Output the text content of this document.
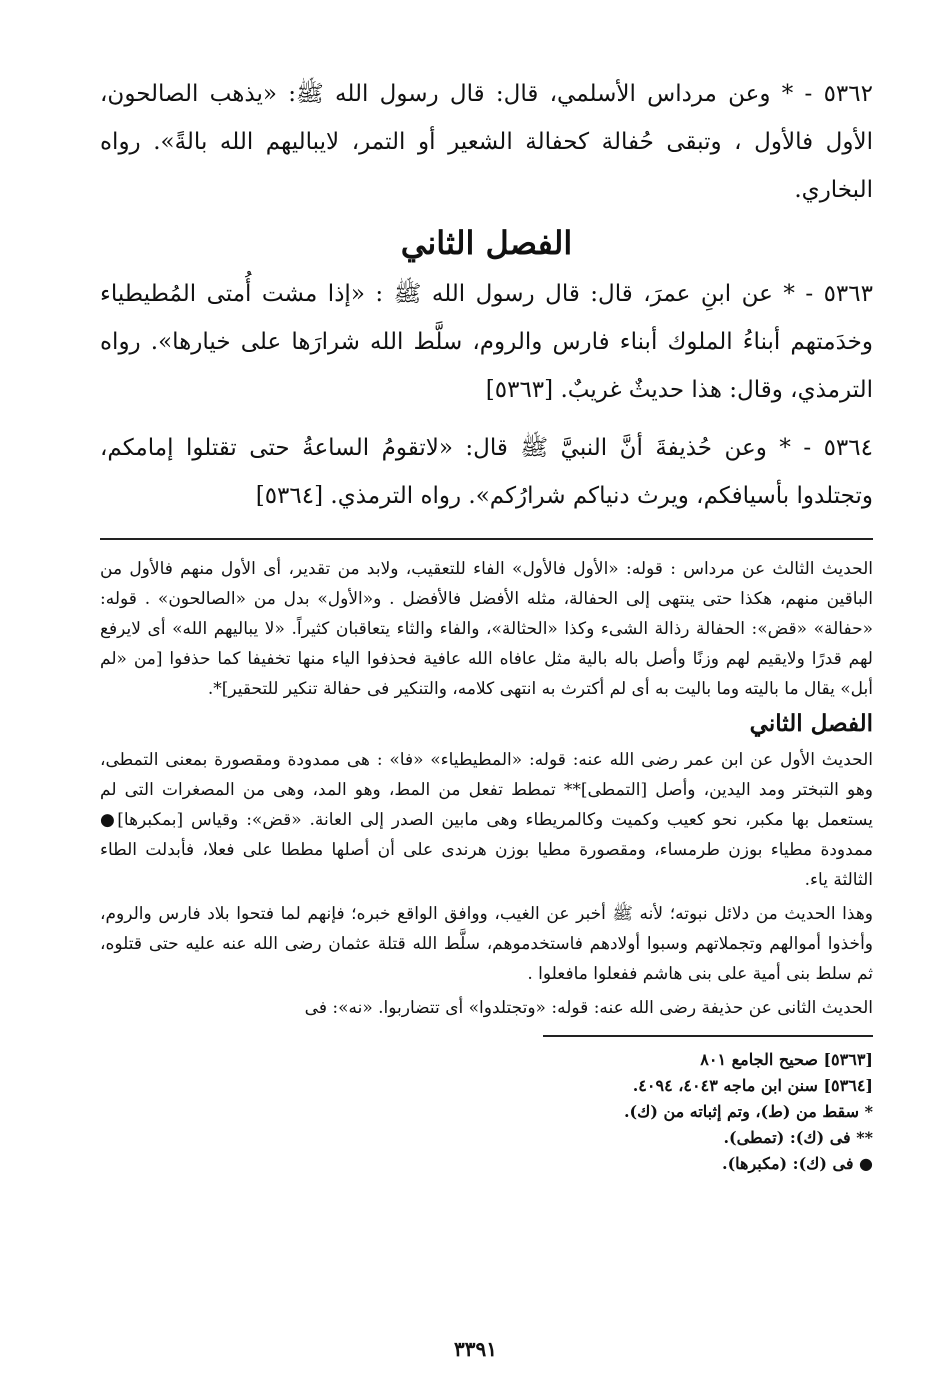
٥٣٦٢ - * وعن مرداس الأسلمي، قال: قال رسول الله ﷺ: «يذهب الصالحون، الأول فالأول ، وتبقى حُفالة كحفالة الشعير أو التمر، لايباليهم الله بالةً». رواه البخاري.

الفصل الثاني

٥٣٦٣ - * عن ابنِ عمرَ، قال: قال رسول الله ﷺ : «إذا مشت أُمتى المُطيطياء وخدَمتهم أبناءُ الملوك أبناء فارس والروم، سلَّط الله شرارَها على خيارها». رواه الترمذي، وقال: هذا حديثٌ غريبٌ. [٥٣٦٣]

٥٣٦٤ - * وعن حُذيفةَ أنَّ النبيَّ ﷺ قال: «لاتقومُ الساعةُ حتى تقتلوا إمامكم، وتجتلدوا بأسيافكم، ويرث دنياكم شرارُكم». رواه الترمذي. [٥٣٦٤]

الحديث الثالث عن مرداس : قوله: «الأول فالأول» الفاء للتعقيب، ولابد من تقدير، أى الأول منهم فالأول من الباقين منهم، هكذا حتى ينتهى إلى الحفالة، مثله الأفضل فالأفضل . و«الأول» بدل من «الصالحون» . قوله: «حفالة» «قض»: الحفالة رذالة الشىء وكذا «الحثالة»، والفاء والثاء يتعاقبان كثيراً. «لا يباليهم الله» أى لايرفع لهم قدرًا ولايقيم لهم وزنًا وأصل باله بالية مثل عافاه الله عافية فحذفوا الياء منها تخفيفا كما حذفوا [من «لم أبل» يقال ما باليته وما باليت به أى لم أكترث به انتهى كلامه، والتنكير فى حفالة تنكير للتحقير]*.

الفصل الثاني

الحديث الأول عن ابن عمر رضى الله عنه: قوله: «المطيطياء» «فا» : هى ممدودة ومقصورة بمعنى التمطى، وهو التبختر ومد اليدين، وأصل [التمطى]** تمطط تفعل من المط، وهو المد، وهى من المصغرات التى لم يستعمل بها مكبر، نحو كعيب وكميت وكالمريطاء وهى مابين الصدر إلى العانة. «قض»: وقياس [بمكبرها]● ممدودة مطياء بوزن طرمساء، ومقصورة مطيا بوزن هرندى على أن أصلها مططا على فعلا، فأبدلت الطاء الثالثة ياء.

وهذا الحديث من دلائل نبوته؛ لأنه ﷺ أخبر عن الغيب، ووافق الواقع خبره؛ فإنهم لما فتحوا بلاد فارس والروم، وأخذوا أموالهم وتجملاتهم وسبوا أولادهم فاستخدموهم، سلَّط الله قتلة عثمان رضى الله عنه عليه حتى قتلوه، ثم سلط بنى أمية على بنى هاشم ففعلوا مافعلوا .

الحديث الثانى عن حذيفة رضى الله عنه: قوله: «وتجتلدوا» أى تتضاربوا. «نه»: فى

[٥٣٦٣] صحيح الجامع ٨٠١
[٥٣٦٤] سنن ابن ماجه ٤٠٤٣، ٤٠٩٤.
* سقط من (ط)، وتم إثباته من (ك).
** فى (ك): (تمطى).
● فى (ك): (مكبرها).
٣٣٩١
